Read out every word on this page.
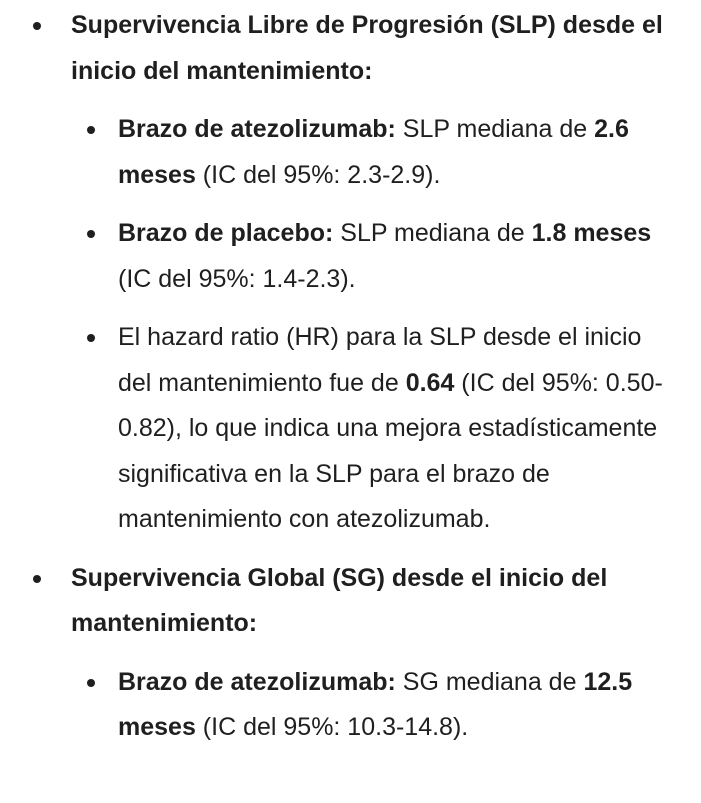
Supervivencia Libre de Progresión (SLP) desde el inicio del mantenimiento:
Brazo de atezolizumab: SLP mediana de 2.6 meses (IC del 95%: 2.3-2.9).
Brazo de placebo: SLP mediana de 1.8 meses (IC del 95%: 1.4-2.3).
El hazard ratio (HR) para la SLP desde el inicio del mantenimiento fue de 0.64 (IC del 95%: 0.50-0.82), lo que indica una mejora estadísticamente significativa en la SLP para el brazo de mantenimiento con atezolizumab.
Supervivencia Global (SG) desde el inicio del mantenimiento:
Brazo de atezolizumab: SG mediana de 12.5 meses (IC del 95%: 10.3-14.8).
